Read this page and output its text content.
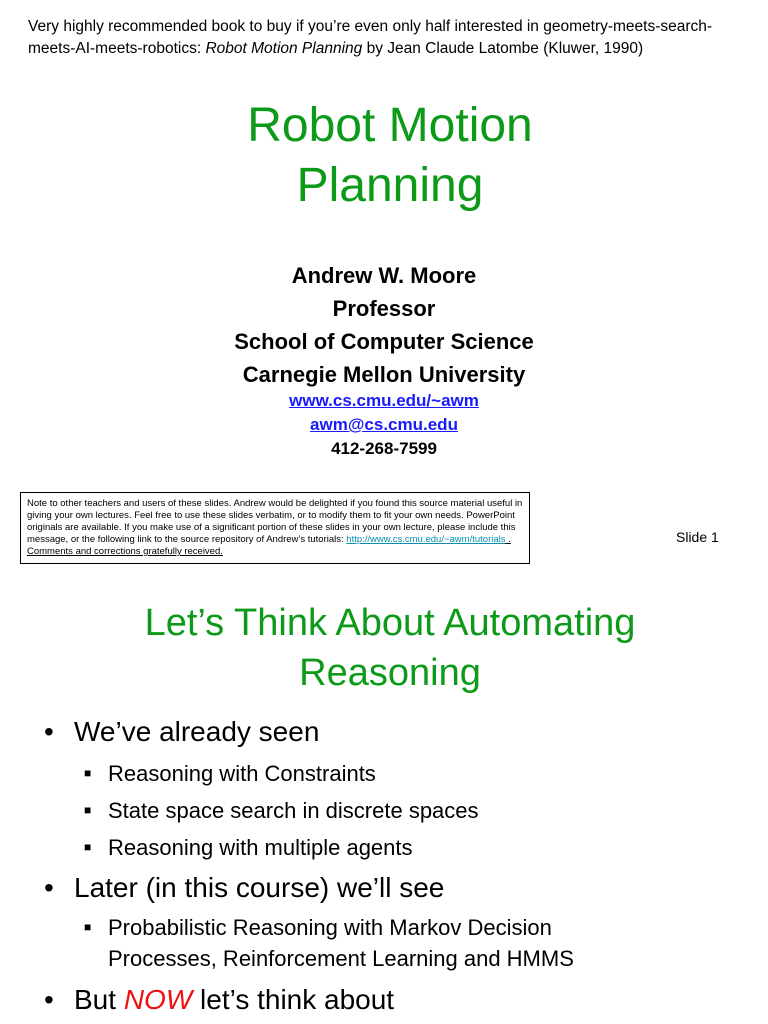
Very highly recommended book to buy if you’re even only half interested in geometry-meets-search-meets-AI-meets-robotics: Robot Motion Planning by Jean Claude Latombe (Kluwer, 1990)
Robot Motion
Planning
Andrew W. Moore
Professor
School of Computer Science
Carnegie Mellon University
www.cs.cmu.edu/~awm
awm@cs.cmu.edu
412-268-7599
Note to other teachers and users of these slides. Andrew would be delighted if you found this source material useful in giving your own lectures. Feel free to use these slides verbatim, or to modify them to fit your own needs. PowerPoint originals are available. If you make use of a significant portion of these slides in your own lecture, please include this message, or the following link to the source repository of Andrew’s tutorials: http://www.cs.cmu.edu/~awm/tutorials . Comments and corrections gratefully received.
Slide 1
Let’s Think About Automating
Reasoning
• We’ve already seen
■ Reasoning with Constraints
■ State space search in discrete spaces
■ Reasoning with multiple agents
• Later (in this course) we’ll see
■ Probabilistic Reasoning with Markov Decision
Processes, Reinforcement Learning and HMMS
• But NOW let’s think about
